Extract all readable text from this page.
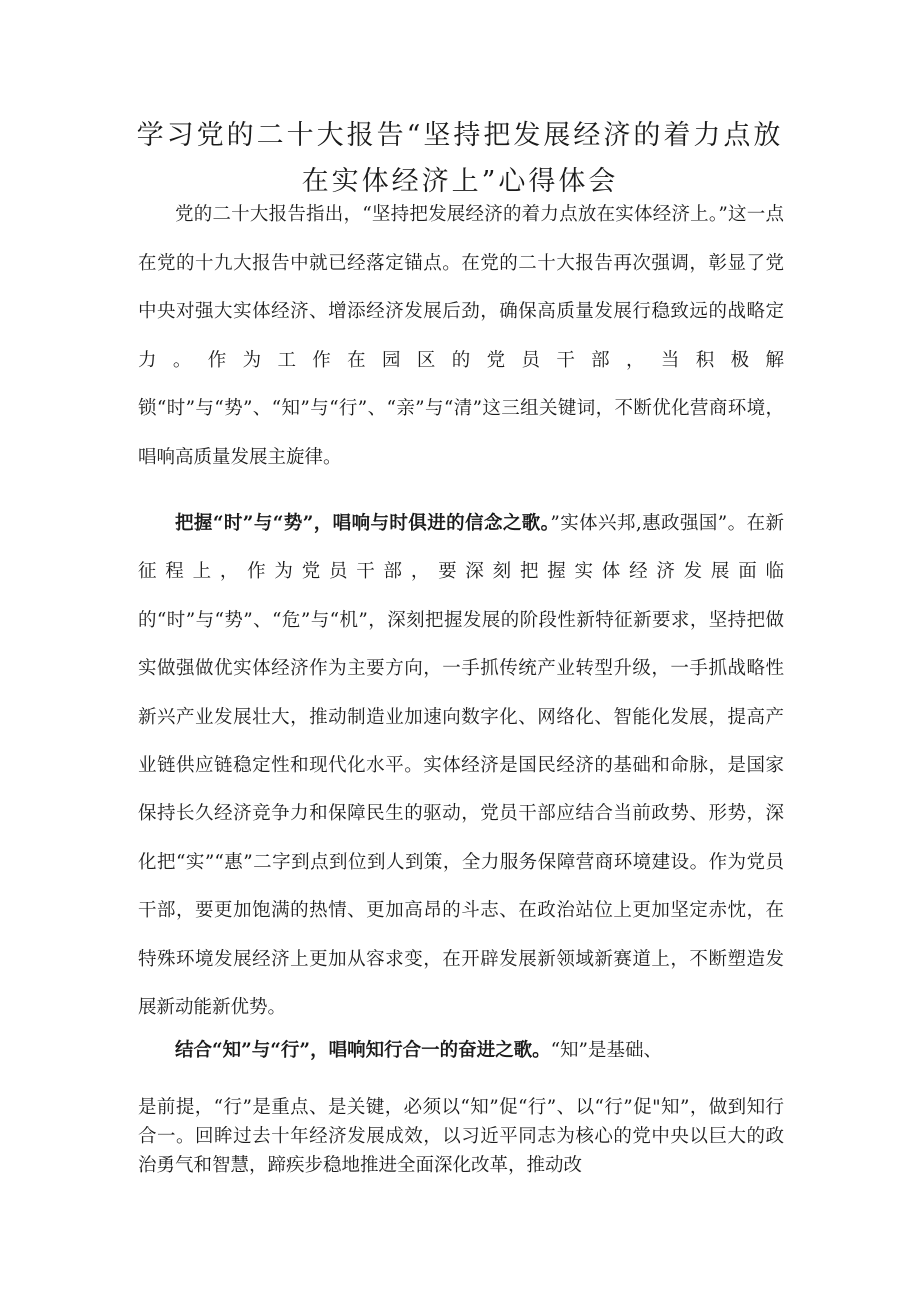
学习党的二十大报告“坚持把发展经济的着力点放
在实体经济上”心得体会

党的二十大报告指出，“坚持把发展经济的着力点放在实体经济上。”这一点在党的十九大报告中就已经落定锚点。在党的二十大报告再次强调，彰显了党中央对强大实体经济、增添经济发展后劲，确保高质量发展行稳致远的战略定力。作为工作在园区的党员干部，当积极解锁“时”与“势”、“知”与“行”、“亲”与“清”这三组关键词，不断优化营商环境，唱响高质量发展主旋律。

把握“时”与“势”，唱响与时俱进的信念之歌。”实体兴邦,惠政强国”。在新征程上，作为党员干部，要深刻把握实体经济发展面临的“时”与“势”、“危”与“机”，深刻把握发展的阶段性新特征新要求，坚持把做实做强做优实体经济作为主要方向，一手抓传统产业转型升级，一手抓战略性新兴产业发展壮大，推动制造业加速向数字化、网络化、智能化发展，提高产业链供应链稳定性和现代化水平。实体经济是国民经济的基础和命脉，是国家保持长久经济竞争力和保障民生的驱动，党员干部应结合当前政势、形势，深化把“实”“惠”二字到点到位到人到策，全力服务保障营商环境建设。作为党员干部，要更加饱满的热情、更加高昂的斗志、在政治站位上更加坚定赤忱，在特殊环境发展经济上更加从容求变，在开辟发展新领域新赛道上，不断塑造发展新动能新优势。

结合“知”与“行”，唱响知行合一的奋进之歌。“知”是基础、

是前提，“行”是重点、是关键，必须以“知”促“行”、以“行”促"知”，做到知行合一。回眸过去十年经济发展成效，以习近平同志为核心的党中央以巨大的政治勇气和智慧，蹄疾步稳地推进全面深化改革，推动改
